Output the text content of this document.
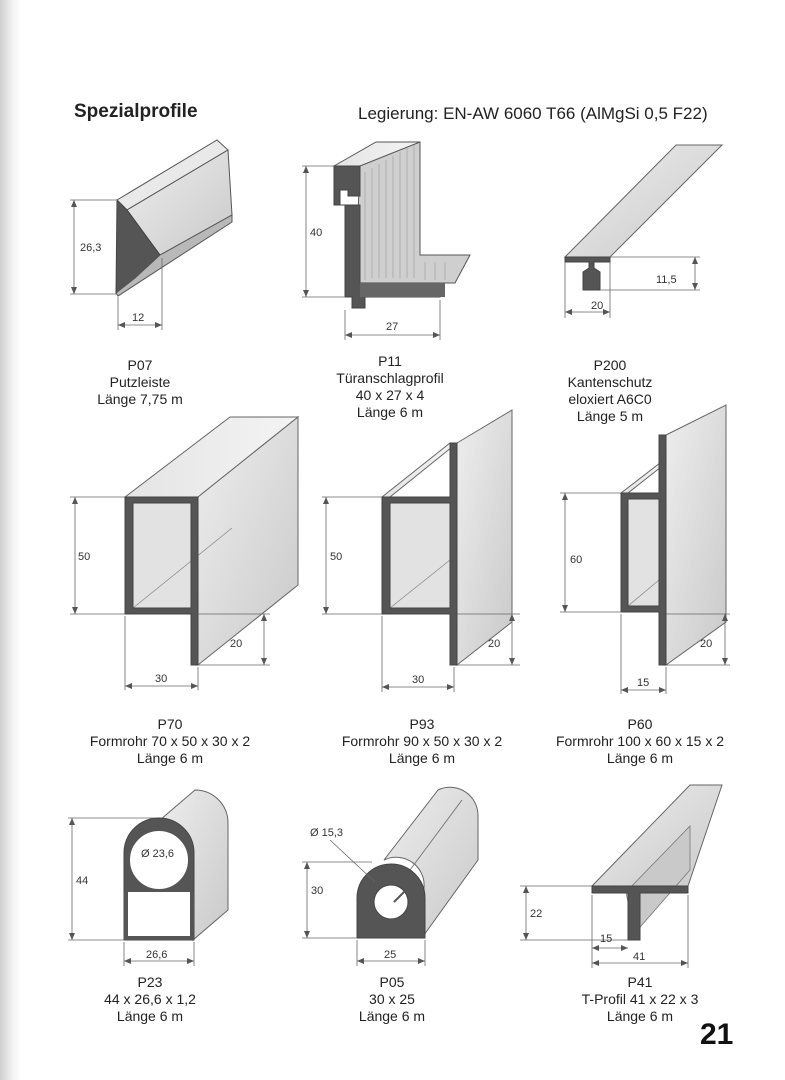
Spezialprofile	Legierung: EN-AW 6060 T66 (AlMgSi 0,5 F22)
26,3
12
40
27
11,5
20
50
20
30
50
20
30
60
20
15
44
Ø 23,6
26,6
Ø 15,3
30
25
22
15
41
P07
Putzleiste
Länge 7,75 m
P11
Türanschlagprofil
40 x 27 x 4
Länge 6 m
P200
Kantenschutz
eloxiert A6C0
Länge 5 m
P70
Formrohr 70 x 50 x 30 x 2
Länge 6 m
P93
Formrohr 90 x 50 x 30 x 2
Länge 6 m
P60
Formrohr 100 x 60 x 15 x 2
Länge 6 m
P23
44 x 26,6 x 1,2
Länge 6 m
P05
30 x 25
Länge 6 m
P41
T-Profil 41 x 22 x 3
Länge 6 m
21
